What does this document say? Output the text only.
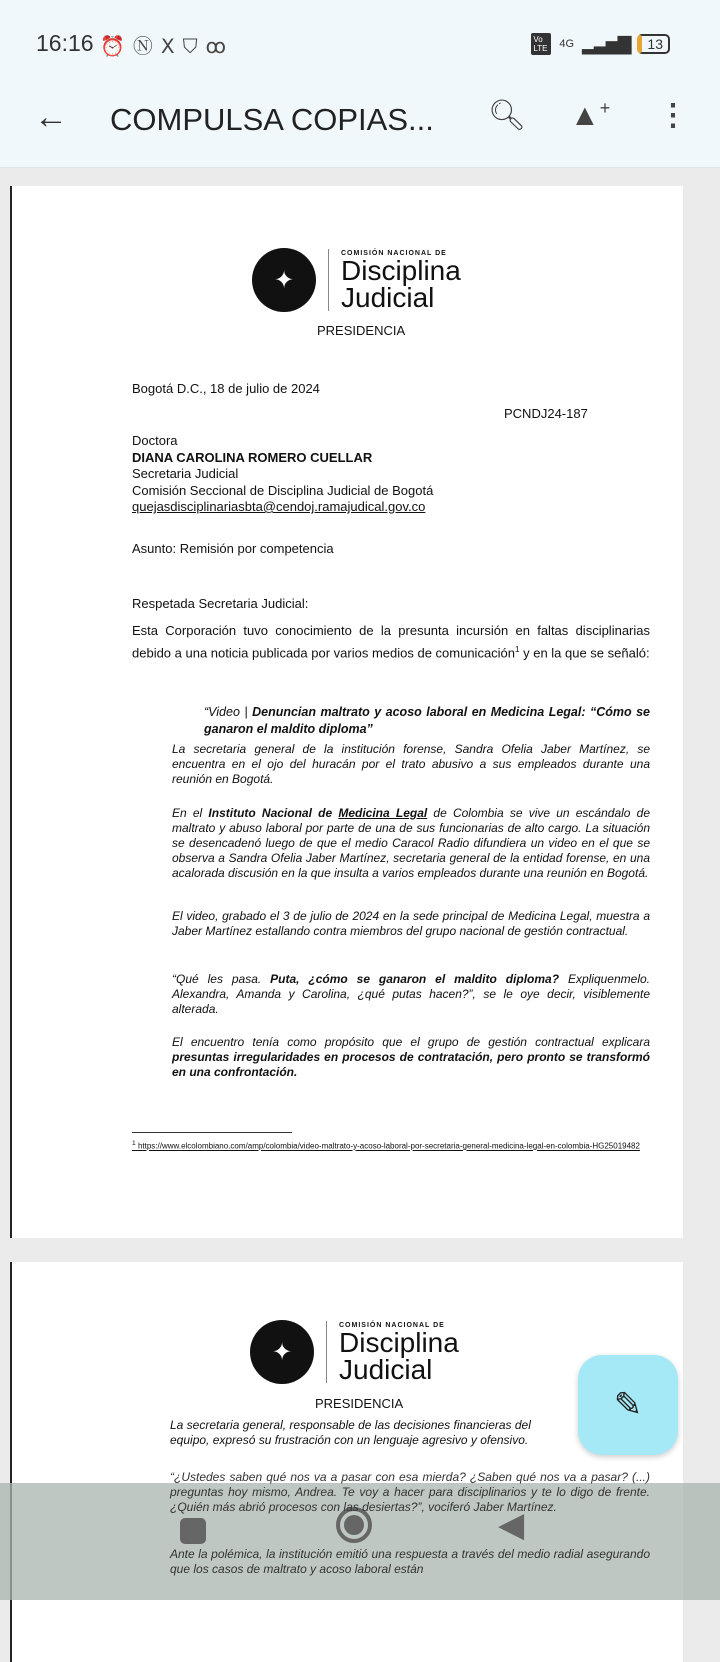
16:16 ⏰ⓃⅩ⛉ꝏ	Vo LTE	4G ▂▃▅▇	13
← COMPULSA COPIAS... 🔍︎ ▲+ ⋮
✦
COMISIÓN NACIONAL DE
Disciplina
Judicial
PRESIDENCIA
Bogotá D.C., 18 de julio de 2024
PCNDJ24-187
Doctora
DIANA CAROLINA ROMERO CUELLAR
Secretaria Judicial
Comisión Seccional de Disciplina Judicial de Bogotá
quejasdisciplinariasbta@cendoj.ramajudical.gov.co
Asunto: Remisión por competencia
Respetada Secretaria Judicial:
Esta Corporación tuvo conocimiento de la presunta incursión en faltas disciplinarias debido a una noticia publicada por varios medios de comunicación$^1$ y en la que se señaló:
“Video | Denuncian maltrato y acoso laboral en Medicina Legal: “Cómo se ganaron el maldito diploma”
La secretaria general de la institución forense, Sandra Ofelia Jaber Martínez, se encuentra en el ojo del huracán por el trato abusivo a sus empleados durante una reunión en Bogotá.
En el Instituto Nacional de Medicina Legal de Colombia se vive un escándalo de maltrato y abuso laboral por parte de una de sus funcionarias de alto cargo. La situación se desencadenó luego de que el medio Caracol Radio difundiera un video en el que se observa a Sandra Ofelia Jaber Martínez, secretaria general de la entidad forense, en una acalorada discusión en la que insulta a varios empleados durante una reunión en Bogotá.
El video, grabado el 3 de julio de 2024 en la sede principal de Medicina Legal, muestra a Jaber Martínez estallando contra miembros del grupo nacional de gestión contractual.
“Qué les pasa. Puta, ¿cómo se ganaron el maldito diploma? Expliquenmelo. Alexandra, Amanda y Carolina, ¿qué putas hacen?”, se le oye decir, visiblemente alterada.
El encuentro tenía como propósito que el grupo de gestión contractual explicara presuntas irregularidades en procesos de contratación, pero pronto se transformó en una confrontación.
$^1$ https://www.elcolombiano.com/amp/colombia/video-maltrato-y-acoso-laboral-por-secretaria-general-medicina-legal-en-colombia-HG25019482
✦
COMISIÓN NACIONAL DE
Disciplina
Judicial
PRESIDENCIA
La secretaria general, responsable de las decisiones financieras del equipo, expresó su frustración con un lenguaje agresivo y ofensivo.
“¿Ustedes saben qué nos va a pasar con esa mierda? ¿Saben qué nos va a pasar? (...) preguntas hoy mismo, Andrea. Te voy a hacer para disciplinarios y te lo digo de frente. ¿Quién más abrió procesos con las desiertas?”, vociferó Jaber Martínez.
Ante la polémica, la institución emitió una respuesta a través del medio radial asegurando que los casos de maltrato y acoso laboral están
✎
◀
